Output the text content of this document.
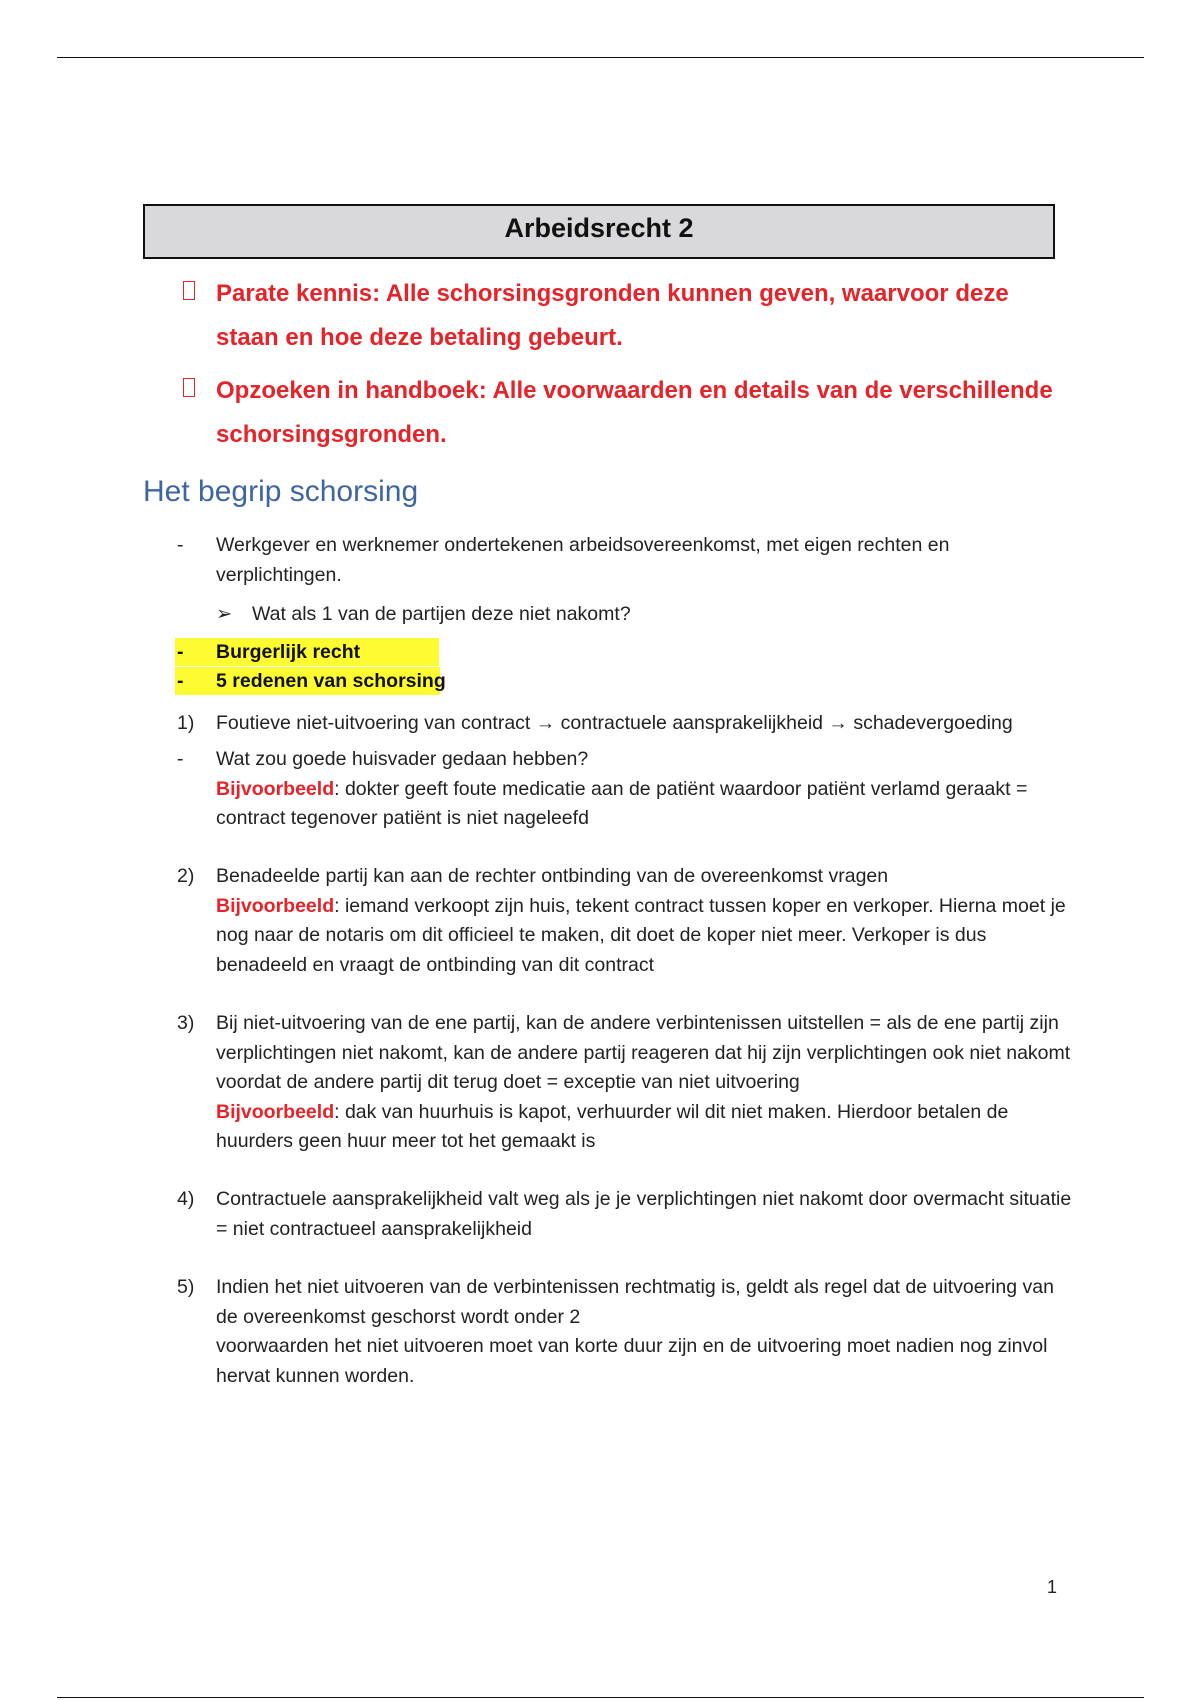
Arbeidsrecht 2
Parate kennis: Alle schorsingsgronden kunnen geven, waarvoor deze staan en hoe deze betaling gebeurt.
Opzoeken in handboek: Alle voorwaarden en details van de verschillende schorsingsgronden.
Het begrip schorsing
- Werkgever en werknemer ondertekenen arbeidsovereenkomst, met eigen rechten en verplichtingen.
➢ Wat als 1 van de partijen deze niet nakomt?
- Burgerlijk recht
- 5 redenen van schorsing
1) Foutieve niet-uitvoering van contract → contractuele aansprakelijkheid → schadevergoeding
- Wat zou goede huisvader gedaan hebben?
Bijvoorbeeld: dokter geeft foute medicatie aan de patiënt waardoor patiënt verlamd geraakt = contract tegenover patiënt is niet nageleefd
2) Benadeelde partij kan aan de rechter ontbinding van de overeenkomst vragen
Bijvoorbeeld: iemand verkoopt zijn huis, tekent contract tussen koper en verkoper. Hierna moet je nog naar de notaris om dit officieel te maken, dit doet de koper niet meer. Verkoper is dus benadeeld en vraagt de ontbinding van dit contract
3) Bij niet-uitvoering van de ene partij, kan de andere verbintenissen uitstellen = als de ene partij zijn verplichtingen niet nakomt, kan de andere partij reageren dat hij zijn verplichtingen ook niet nakomt voordat de andere partij dit terug doet = exceptie van niet uitvoering
Bijvoorbeeld: dak van huurhuis is kapot, verhuurder wil dit niet maken. Hierdoor betalen de huurders geen huur meer tot het gemaakt is
4) Contractuele aansprakelijkheid valt weg als je je verplichtingen niet nakomt door overmacht situatie = niet contractueel aansprakelijkheid
5) Indien het niet uitvoeren van de verbintenissen rechtmatig is, geldt als regel dat de uitvoering van de overeenkomst geschorst wordt onder 2
voorwaarden het niet uitvoeren moet van korte duur zijn en de uitvoering moet nadien nog zinvol hervat kunnen worden.
1
